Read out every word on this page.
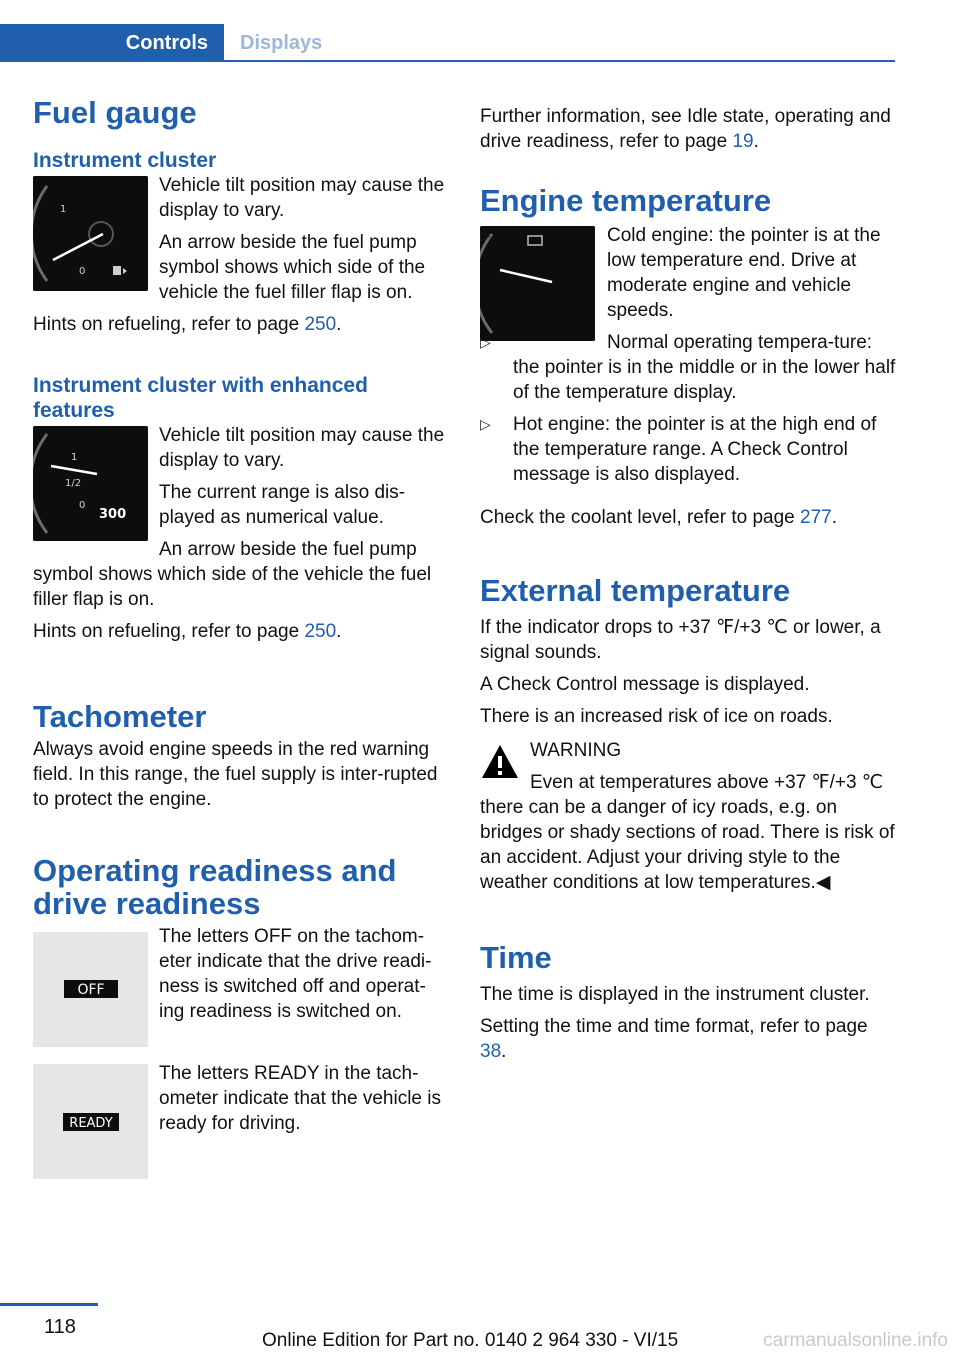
Controls	Displays
Fuel gauge
Instrument cluster
1
0

Vehicle tilt position may cause the display to vary.

An arrow beside the fuel pump symbol shows which side of the vehicle the fuel filler flap is on.

Hints on refueling, refer to page 250.

Instrument cluster with enhanced features
1
1/2
0
300

Vehicle tilt position may cause the display to vary.

The current range is also dis‐played as numerical value.

An arrow beside the fuel pump symbol shows which side of the vehicle the fuel filler flap is on.

Hints on refueling, refer to page 250.

Tachometer

Always avoid engine speeds in the red warning field. In this range, the fuel supply is inter‐rupted to protect the engine.

Operating readiness and drive readiness
OFF

The letters OFF on the tachom‐eter indicate that the drive readi‐ness is switched off and operat‐ing readiness is switched on.

READY

The letters READY in the tach‐ometer indicate that the vehicle is ready for driving.

Further information, see Idle state, operating and drive readiness, refer to page 19.

Engine temperature
▷	Cold engine: the pointer is at the low temperature end. Drive at moderate engine and vehicle speeds.
▷	Normal operating tempera‐ture: the pointer is in the middle or in the lower half of the temperature display.
▷ Hot engine: the pointer is at the high end of the temperature range. A Check Control message is also displayed.

Check the coolant level, refer to page 277.

External temperature

If the indicator drops to +37 ℉/+3 ℃ or lower, a signal sounds.

A Check Control message is displayed.

There is an increased risk of ice on roads.

WARNING

Even at temperatures above +37 ℉/+3 ℃ there can be a danger of icy roads, e.g. on bridges or shady sections of road. There is risk of an accident. Adjust your driving style to the weather conditions at low temperatures.◀

Time

The time is displayed in the instrument cluster.

Setting the time and time format, refer to page 38.

118
Online Edition for Part no. 0140 2 964 330 - VI/15	carmanualsonline.info
